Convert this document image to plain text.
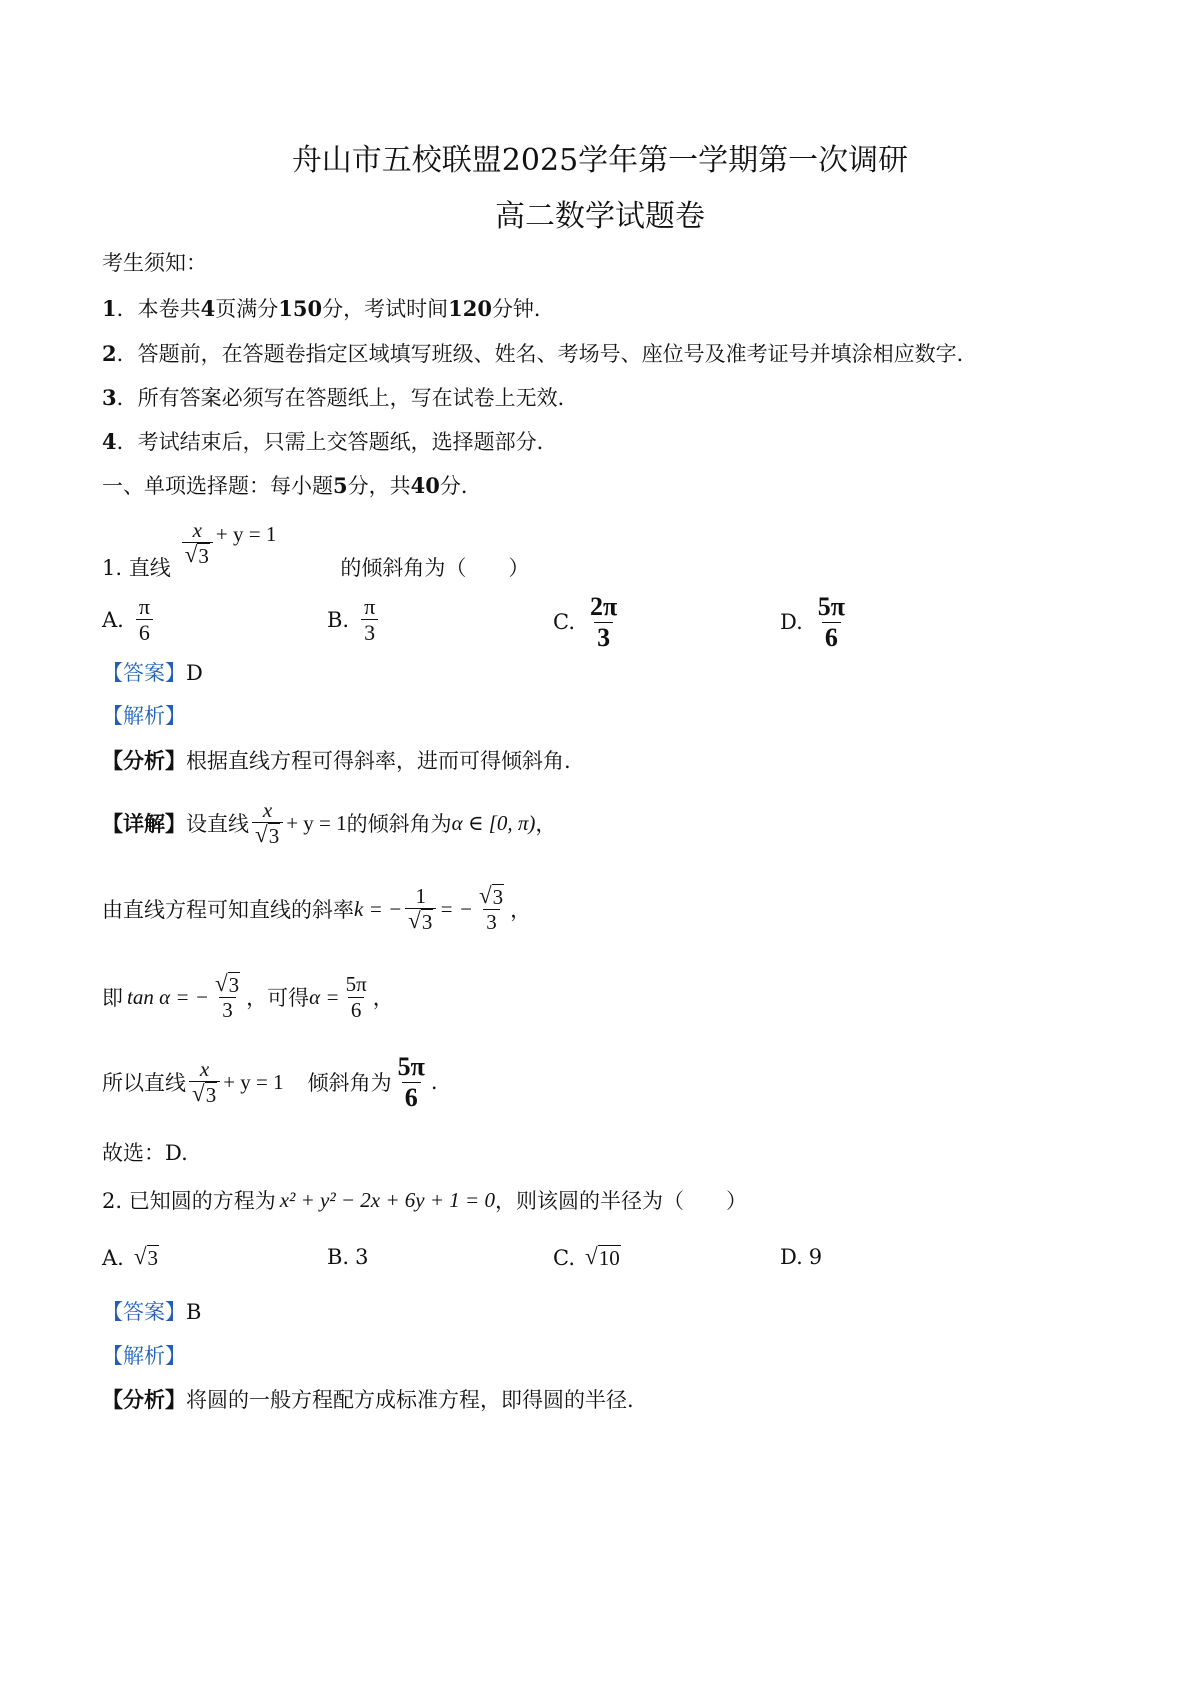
舟山市五校联盟2025学年第一学期第一次调研
高二数学试题卷
考生须知：
1．本卷共4页满分150分，考试时间120分钟．
2．答题前，在答题卷指定区域填写班级、姓名、考场号、座位号及准考证号并填涂相应数字．
3．所有答案必须写在答题纸上，写在试卷上无效．
4．考试结束后，只需上交答题纸，选择题部分．
一、单项选择题：每小题5分，共40分．
1. 直线 $\frac{x}{√ 3} + y = 1$
的倾斜角为（　　）
A. $\frac{\pi}{6}$	B. $\frac{\pi}{3}$	C. $\frac{2\pi}{3}$	D. $\frac{5\pi}{6}$
【答案】D
【解析】
【分析】根据直线方程可得斜率，进而可得倾斜角.
【详解】 设直线 $\frac{x}{√ 3} + y = 1$ 的倾斜角为 α ∈ [0, π) ，
由直线方程可知直线的斜率 k = − $\frac{1}{√ 3}$ = − $\frac{√ 3}{3}$ ，
即 tan α = − $\frac{√ 3}{3}$ ，可得 $\alpha = \frac{5\pi}{6}$ ，
所以直线 $\frac{x}{√ 3} + y = 1$ 倾斜角为 $\frac{5\pi}{6}$ .
故选：D.
2. 已知圆的方程为 x² + y² − 2x + 6y + 1 = 0 ，则该圆的半径为（　　）
A. √ 3	B. 3	C. √ 10	D. 9
【答案】B
【解析】
【分析】将圆的一般方程配方成标准方程，即得圆的半径.
